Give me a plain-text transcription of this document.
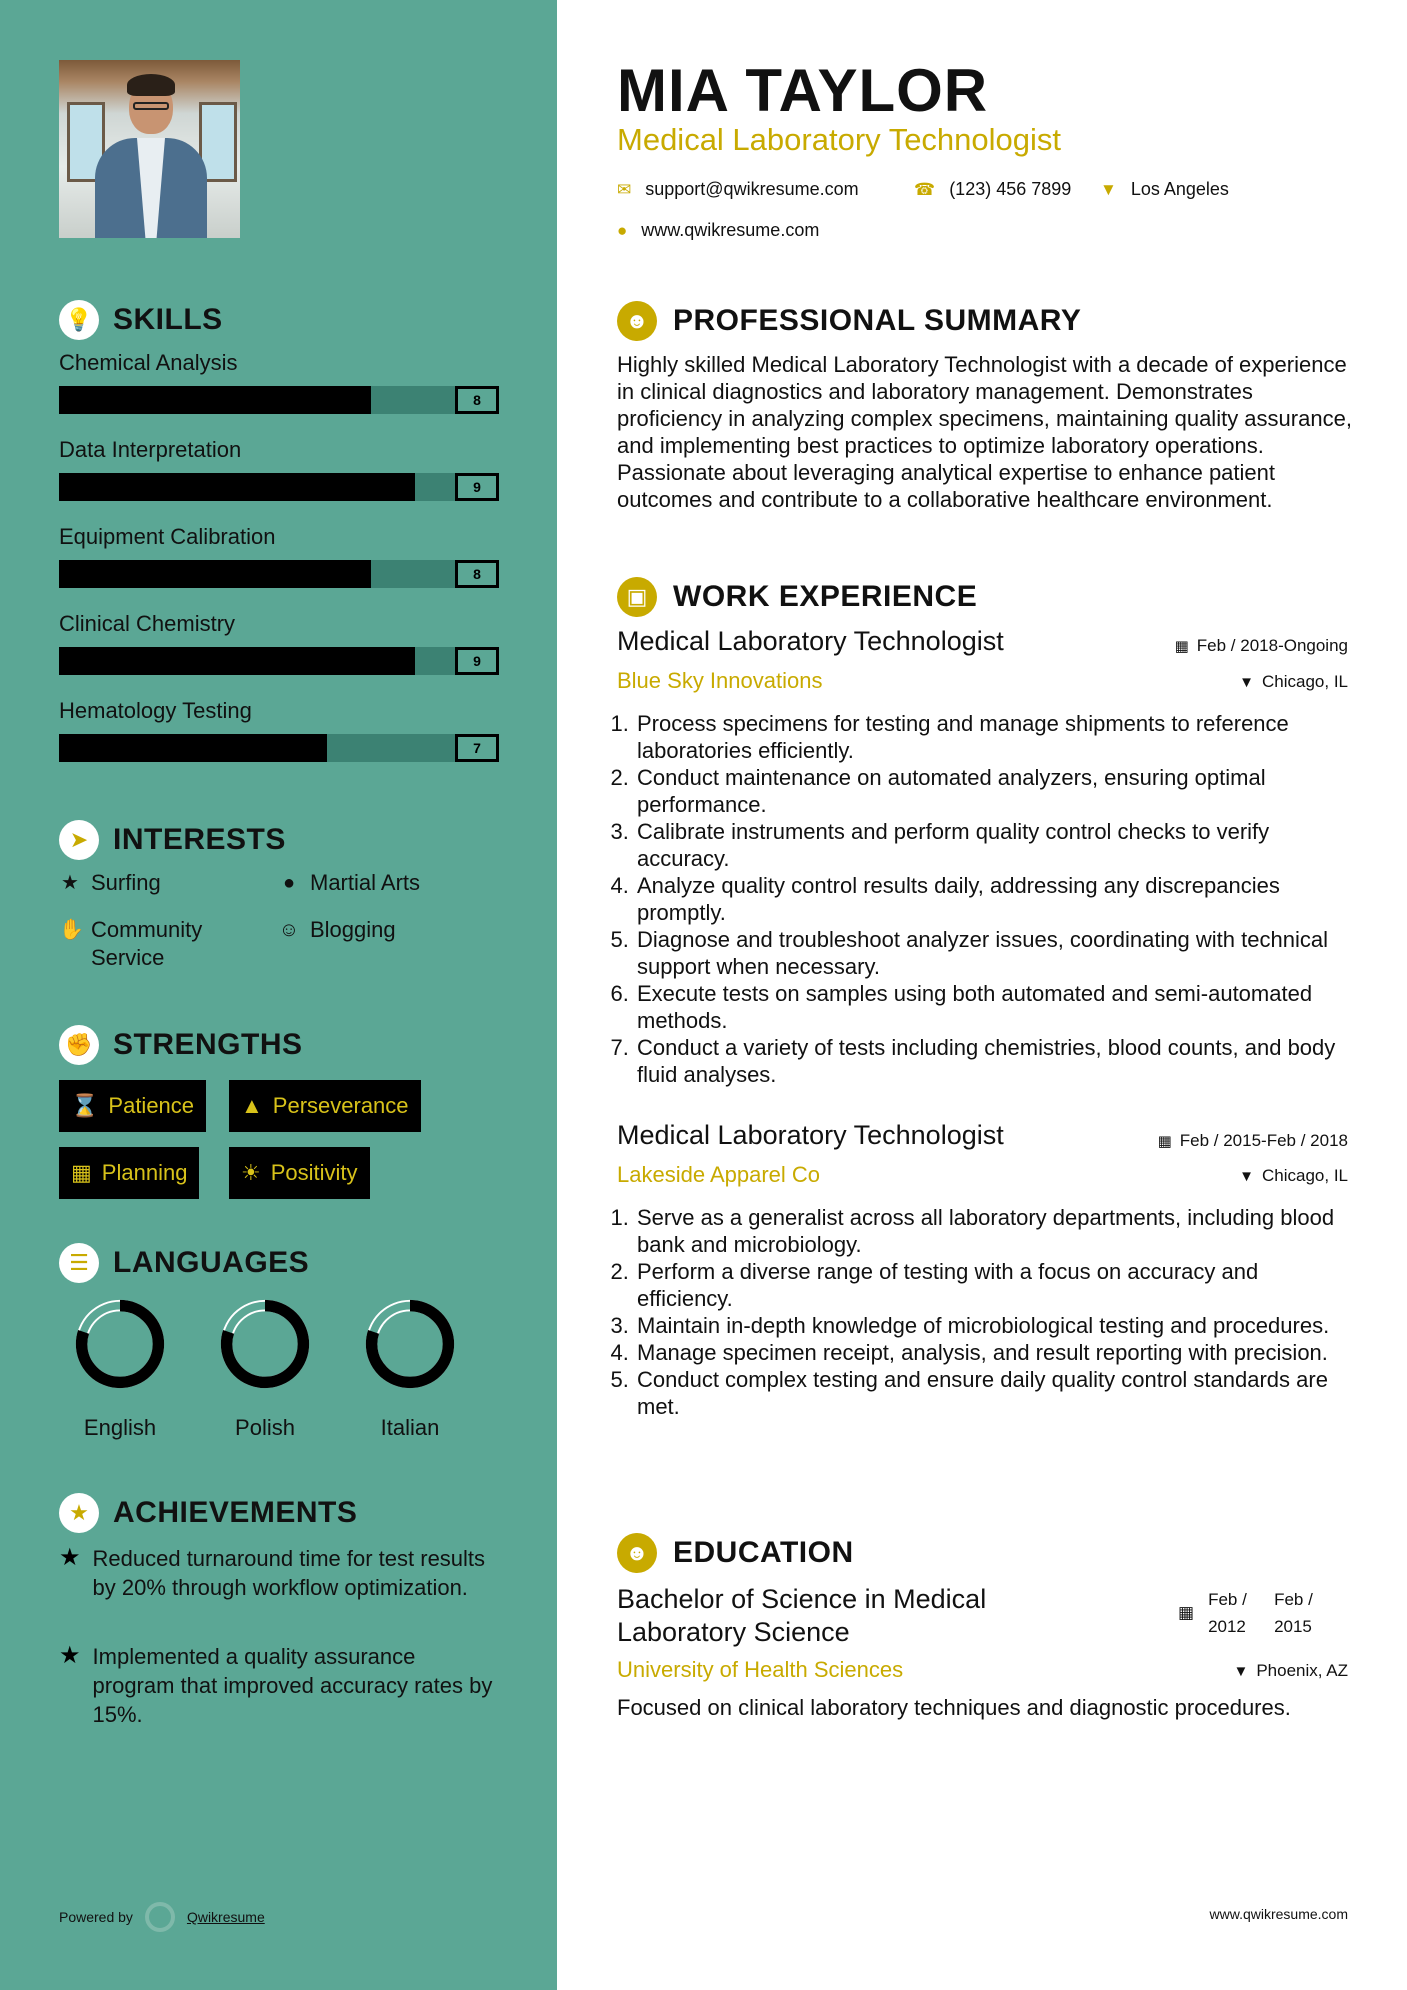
💡 SKILLS
Chemical Analysis
8
Data Interpretation
9
Equipment Calibration
8
Clinical Chemistry
9
Hematology Testing
7
➤ INTERESTS
★ Surfing	● Martial Arts
✋ Community Service
☺ Blogging
✊ STRENGTHS
⌛ Patience ▲ Perseverance
▦ Planning ☀ Positivity
☰ LANGUAGES
English	Polish	Italian
★ ACHIEVEMENTS
★ Reduced turnaround time for test results by 20% through workflow optimization.
★ Implemented a quality assurance program that improved accuracy rates by 15%.
Powered by	Qwikresume
MIA TAYLOR
Medical Laboratory Technologist
✉ support@qwikresume.com	☎ (123) 456 7899 ▼ Los Angeles
● www.qwikresume.com
☻ PROFESSIONAL SUMMARY
Highly skilled Medical Laboratory Technologist with a decade of experience in clinical diagnostics and laboratory management. Demonstrates proficiency in analyzing complex specimens, maintaining quality assurance, and implementing best practices to optimize laboratory operations. Passionate about leveraging analytical expertise to enhance patient outcomes and contribute to a collaborative healthcare environment.
▣ WORK EXPERIENCE
Medical Laboratory Technologist	▦ Feb / 2018-Ongoing
Blue Sky Innovations	▼ Chicago, IL
1. Process specimens for testing and manage shipments to reference laboratories efficiently.
2. Conduct maintenance on automated analyzers, ensuring optimal performance.
3. Calibrate instruments and perform quality control checks to verify accuracy.
4. Analyze quality control results daily, addressing any discrepancies promptly.
5. Diagnose and troubleshoot analyzer issues, coordinating with technical support when necessary.
6. Execute tests on samples using both automated and semi-automated methods.
7. Conduct a variety of tests including chemistries, blood counts, and body fluid analyses.
Medical Laboratory Technologist	▦ Feb / 2015-Feb / 2018
Lakeside Apparel Co	▼ Chicago, IL
1. Serve as a generalist across all laboratory departments, including blood bank and microbiology.
2. Perform a diverse range of testing with a focus on accuracy and efficiency.
3. Maintain in-depth knowledge of microbiological testing and procedures.
4. Manage specimen receipt, analysis, and result reporting with precision.
5. Conduct complex testing and ensure daily quality control standards are met.
☻ EDUCATION
Bachelor of Science in Medical Laboratory Science
▦
Feb / 2012
Feb / 2015
University of Health Sciences	▼ Phoenix, AZ
Focused on clinical laboratory techniques and diagnostic procedures.
www.qwikresume.com
